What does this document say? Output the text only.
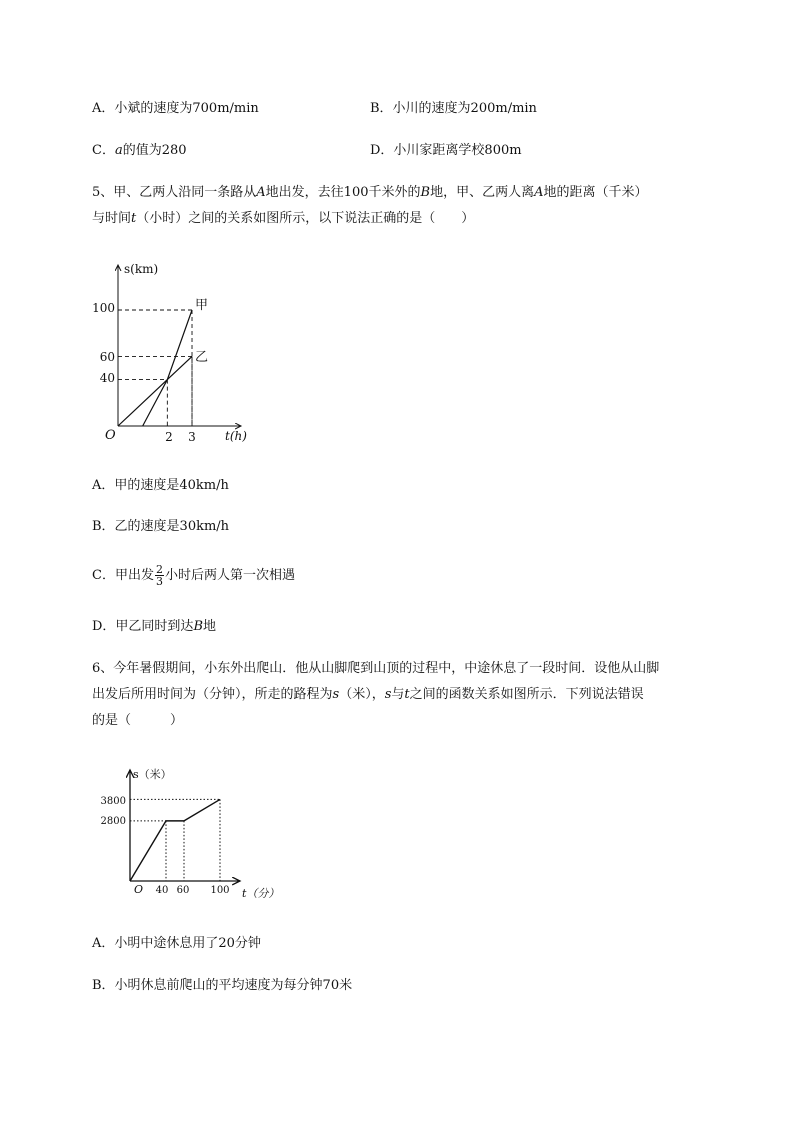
A．小斌的速度为700m/min	B．小川的速度为200m/min
C．a的值为280	D．小川家距离学校800m
5、甲、乙两人沿同一条路从A地出发，去往100千米外的B地，甲、乙两人离A地的距离（千米）
与时间t（小时）之间的关系如图所示，以下说法正确的是（　　）
s(km)
t(h)
O
100
60
40
2 3
甲
乙
A．甲的速度是40km/h
B．乙的速度是30km/h
C．甲出发 $\frac{2}{3}$ 小时后两人第一次相遇
D．甲乙同时到达B地
6、今年暑假期间，小东外出爬山．他从山脚爬到山顶的过程中，中途休息了一段时间．设他从山脚
出发后所用时间为（分钟），所走的路程为s（米），s与t之间的函数关系如图所示．下列说法错误
的是（　　　）
s（米）
t（分）
O
3800
2800
40 60 100
A．小明中途休息用了20分钟
B．小明休息前爬山的平均速度为每分钟70米
